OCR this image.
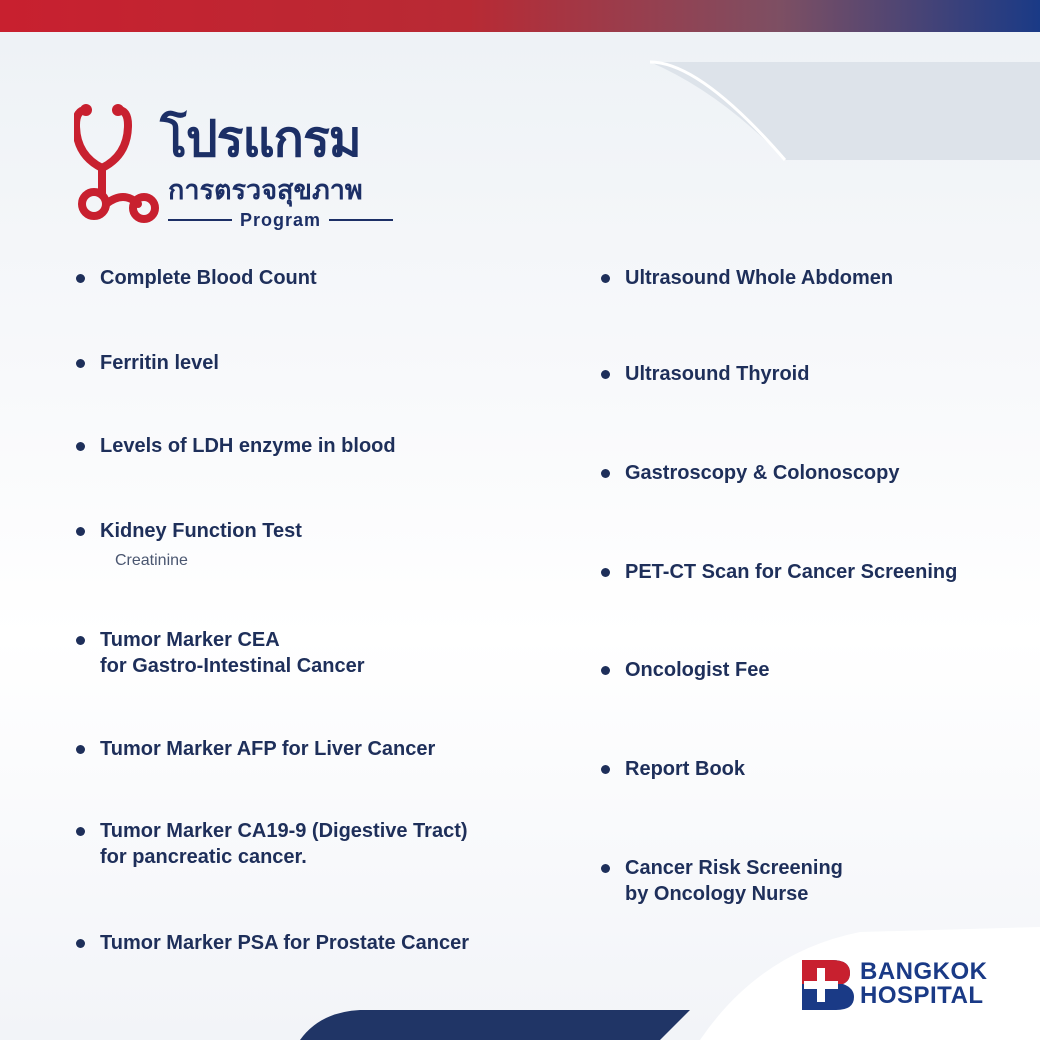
โปรแกรม
การตรวจสุขภาพ
Program
Complete Blood Count
Ferritin level
Levels of LDH enzyme in blood
Kidney Function Test
Creatinine
Tumor Marker CEA
for Gastro-Intestinal Cancer
Tumor Marker AFP for Liver Cancer
Tumor Marker CA19-9 (Digestive Tract)
for pancreatic cancer.
Tumor Marker PSA for Prostate Cancer
Ultrasound Whole Abdomen
Ultrasound Thyroid
Gastroscopy & Colonoscopy
PET-CT Scan for Cancer Screening
Oncologist Fee
Report Book
Cancer Risk Screening
by Oncology Nurse
BANGKOK
HOSPITAL
